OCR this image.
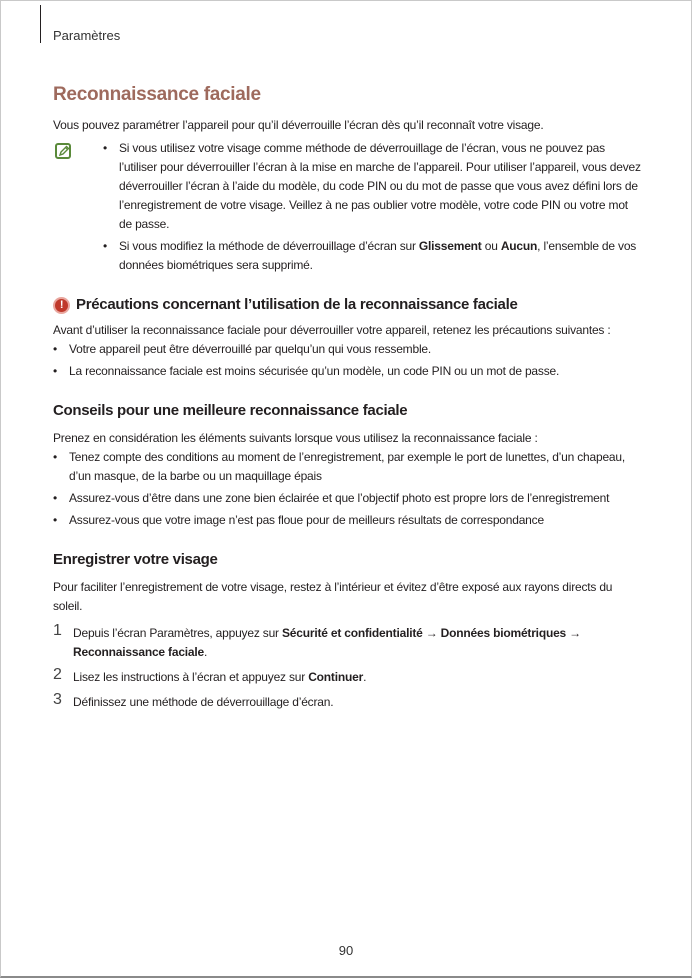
Paramètres
Reconnaissance faciale

Vous pouvez paramétrer l’appareil pour qu’il déverrouille l’écran dès qu’il reconnaît votre visage.

• Si vous utilisez votre visage comme méthode de déverrouillage de l’écran, vous ne pouvez pas l’utiliser pour déverrouiller l’écran à la mise en marche de l’appareil. Pour utiliser l’appareil, vous devez déverrouiller l’écran à l’aide du modèle, du code PIN ou du mot de passe que vous avez défini lors de l’enregistrement de votre visage. Veillez à ne pas oublier votre modèle, votre code PIN ou votre mot de passe.
• Si vous modifiez la méthode de déverrouillage d’écran sur Glissement ou Aucun, l’ensemble de vos données biométriques sera supprimé.
! Précautions concernant l’utilisation de la reconnaissance faciale

Avant d’utiliser la reconnaissance faciale pour déverrouiller votre appareil, retenez les précautions suivantes :

• Votre appareil peut être déverrouillé par quelqu’un qui vous ressemble.
• La reconnaissance faciale est moins sécurisée qu’un modèle, un code PIN ou un mot de passe.
Conseils pour une meilleure reconnaissance faciale

Prenez en considération les éléments suivants lorsque vous utilisez la reconnaissance faciale :

• Tenez compte des conditions au moment de l’enregistrement, par exemple le port de lunettes, d’un chapeau, d’un masque, de la barbe ou un maquillage épais
• Assurez-vous d’être dans une zone bien éclairée et que l’objectif photo est propre lors de l’enregistrement
• Assurez-vous que votre image n’est pas floue pour de meilleurs résultats de correspondance
Enregistrer votre visage

Pour faciliter l’enregistrement de votre visage, restez à l’intérieur et évitez d’être exposé aux rayons directs du soleil.

1 Depuis l’écran Paramètres, appuyez sur Sécurité et confidentialité → Données biométriques → Reconnaissance faciale.
2 Lisez les instructions à l’écran et appuyez sur Continuer.
3 Définissez une méthode de déverrouillage d’écran.
90
